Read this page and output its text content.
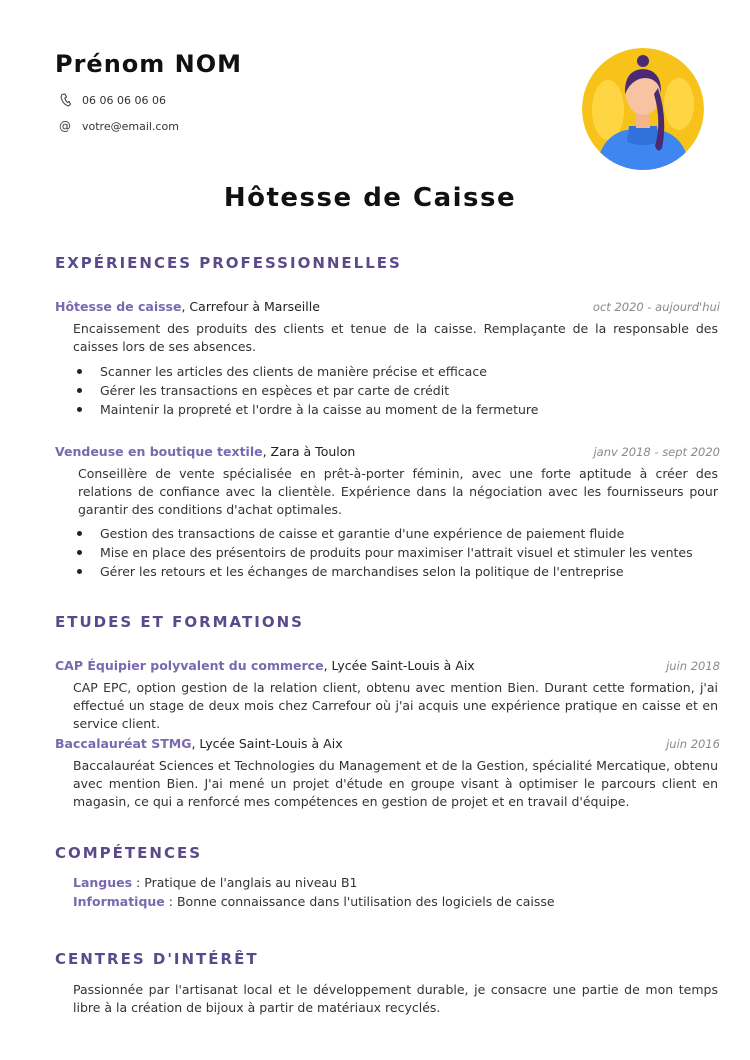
Prénom NOM
06 06 06 06 06
@ votre@email.com
Hôtesse de Caisse
EXPÉRIENCES PROFESSIONNELLES
Hôtesse de caisse, Carrefour à Marseille	oct 2020 - aujourd'hui

Encaissement des produits des clients et tenue de la caisse. Remplaçante de la responsable des caisses lors de ses absences.

Scanner les articles des clients de manière précise et efficace
Gérer les transactions en espèces et par carte de crédit
Maintenir la propreté et l'ordre à la caisse au moment de la fermeture
Vendeuse en boutique textile, Zara à Toulon	janv 2018 - sept 2020

Conseillère de vente spécialisée en prêt-à-porter féminin, avec une forte aptitude à créer des relations de confiance avec la clientèle. Expérience dans la négociation avec les fournisseurs pour garantir des conditions d'achat optimales.

Gestion des transactions de caisse et garantie d'une expérience de paiement fluide
Mise en place des présentoirs de produits pour maximiser l'attrait visuel et stimuler les ventes
Gérer les retours et les échanges de marchandises selon la politique de l'entreprise
ETUDES ET FORMATIONS
CAP Équipier polyvalent du commerce, Lycée Saint-Louis à Aix	juin 2018

CAP EPC, option gestion de la relation client, obtenu avec mention Bien. Durant cette formation, j'ai effectué un stage de deux mois chez Carrefour où j'ai acquis une expérience pratique en caisse et en service client.

Baccalauréat STMG, Lycée Saint-Louis à Aix	juin 2016

Baccalauréat Sciences et Technologies du Management et de la Gestion, spécialité Mercatique, obtenu avec mention Bien. J'ai mené un projet d'étude en groupe visant à optimiser le parcours client en magasin, ce qui a renforcé mes compétences en gestion de projet et en travail d'équipe.

COMPÉTENCES
Langues : Pratique de l'anglais au niveau B1
Informatique : Bonne connaissance dans l'utilisation des logiciels de caisse
CENTRES D'INTÉRÊT

Passionnée par l'artisanat local et le développement durable, je consacre une partie de mon temps libre à la création de bijoux à partir de matériaux recyclés.
